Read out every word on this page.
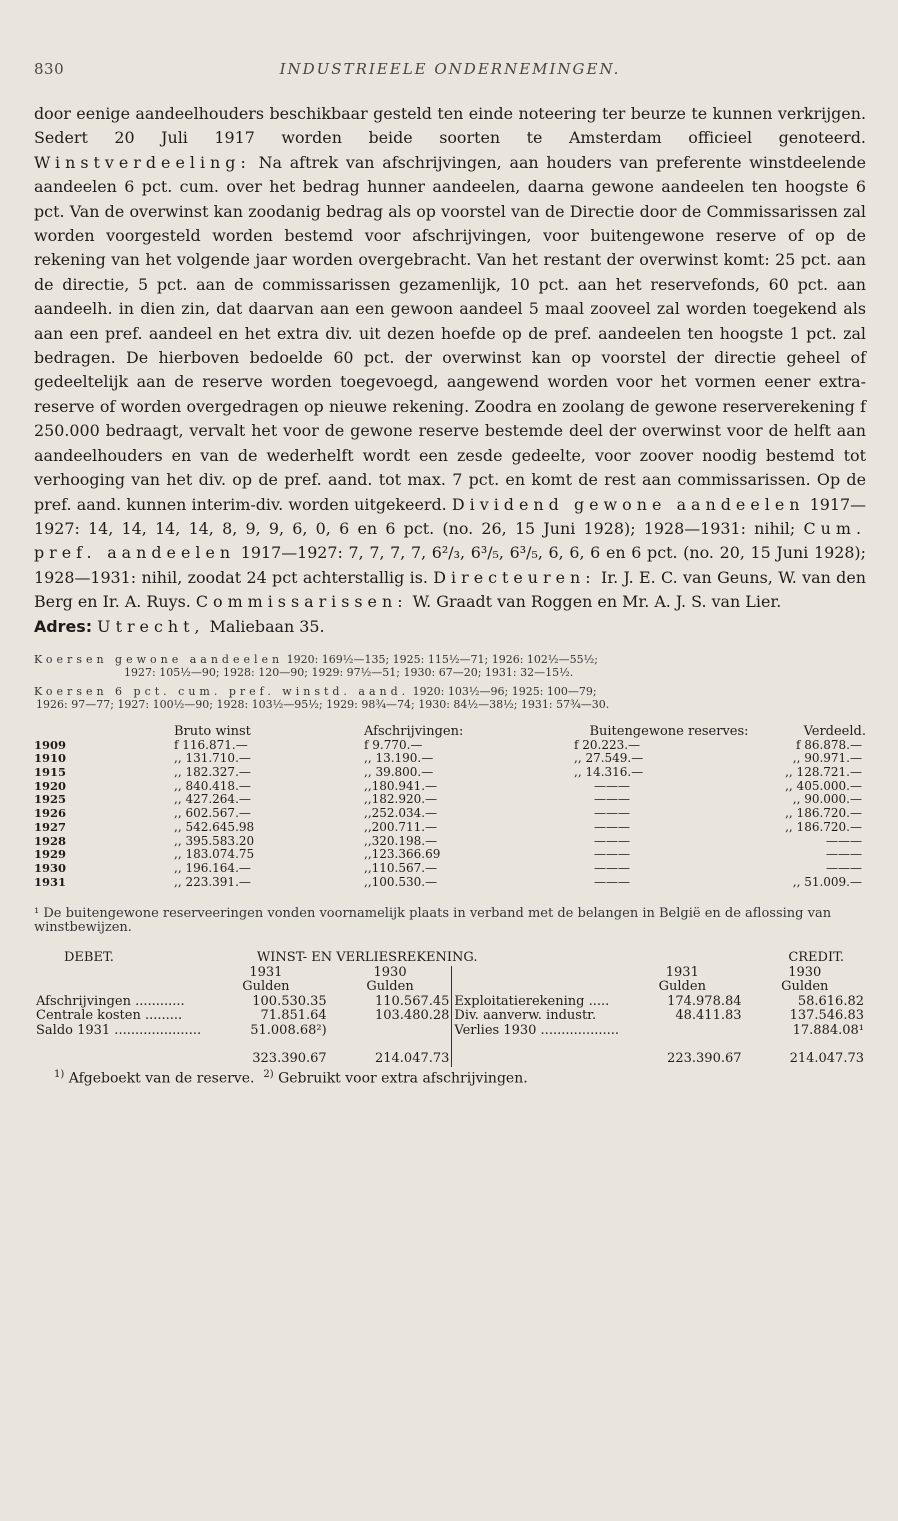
830	INDUSTRIEELE ONDERNEMINGEN.
door eenige aandeelhouders beschikbaar gesteld ten einde noteering ter beurze te kunnen verkrijgen. Sedert 20 Juli 1917 worden beide soorten te Amsterdam officieel genoteerd. Winstverdeeling: Na aftrek van afschrijvingen, aan houders van preferente winstdeelende aandeelen 6 pct. cum. over het bedrag hunner aandeelen, daarna gewone aandeelen ten hoogste 6 pct. Van de overwinst kan zoodanig bedrag als op voorstel van de Directie door de Commissarissen zal worden voorgesteld worden bestemd voor afschrijvingen, voor buitengewone reserve of op de rekening van het volgende jaar worden overgebracht. Van het restant der overwinst komt: 25 pct. aan de directie, 5 pct. aan de commissarissen gezamenlijk, 10 pct. aan het reservefonds, 60 pct. aan aandeelh. in dien zin, dat daarvan aan een gewoon aandeel 5 maal zooveel zal worden toegekend als aan een pref. aandeel en het extra div. uit dezen hoefde op de pref. aandeelen ten hoogste 1 pct. zal bedragen. De hierboven bedoelde 60 pct. der overwinst kan op voorstel der directie geheel of gedeeltelijk aan de reserve worden toegevoegd, aangewend worden voor het vormen eener extra-reserve of worden overgedragen op nieuwe rekening. Zoodra en zoolang de gewone reserverekening f 250.000 bedraagt, vervalt het voor de gewone reserve bestemde deel der overwinst voor de helft aan aandeelhouders en van de wederhelft wordt een zesde gedeelte, voor zoover noodig bestemd tot verhooging van het div. op de pref. aand. tot max. 7 pct. en komt de rest aan commissarissen. Op de pref. aand. kunnen interim-div. worden uitgekeerd. Dividend gewone aandeelen 1917—1927: 14, 14, 14, 14, 8, 9, 9, 6, 0, 6 en 6 pct. (no. 26, 15 Juni 1928); 1928—1931: nihil; Cum. pref. aandeelen 1917—1927: 7, 7, 7, 7, 6²/₃, 6³/₅, 6³/₅, 6, 6, 6 en 6 pct. (no. 20, 15 Juni 1928); 1928—1931: nihil, zoodat 24 pct achterstallig is. Directeuren: Ir. J. E. C. van Geuns, W. van den Berg en Ir. A. Ruys. Commissarissen: W. Graadt van Roggen en Mr. A. J. S. van Lier.
Adres: Utrecht, Maliebaan 35.
Koersen gewone aandeelen 1920: 169½—135; 1925: 115½—71; 1926: 102½—55½;
1927: 105½—90; 1928: 120—90; 1929: 97½—51; 1930: 67—20; 1931: 32—15½.
Koersen 6 pct. cum. pref. winstd. aand. 1920: 103½—96; 1925: 100—79;
1926: 97—77; 1927: 100½—90; 1928: 103½—95½; 1929: 98¾—74; 1930: 84½—38½; 1931: 57¾—30.
	Bruto winst	Afschrijvingen:	Buitengewone reserves:	Verdeeld.
1909	f 116.871.—	f 9.770.—	f 20.223.—	f 86.878.—
1910	,, 131.710.—	,, 13.190.—	,, 27.549.—	,, 90.971.—
1915	,, 182.327.—	,, 39.800.—	,, 14.316.—	,, 128.721.—
1920	,, 840.418.—	,,180.941.—	———	,, 405.000.—
1925	,, 427.264.—	,,182.920.—	———	,, 90.000.—
1926	,, 602.567.—	,,252.034.—	———	,, 186.720.—
1927	,, 542.645.98	,,200.711.—	———	,, 186.720.—
1928	,, 395.583.20	,,320.198.—	———	———
1929	,, 183.074.75	,,123.366.69	———	———
1930	,, 196.164.—	,,110.567.—	———	———
1931	,, 223.391.—	,,100.530.—	———	,, 51.009.—
¹ De buitengewone reserveeringen vonden voornamelijk plaats in verband met de belangen in België en de aflossing van winstbewijzen.
DEBET.			WINST- EN VERLIESREKENING. CREDIT.		

	1931	1930		1931	1930
	Gulden	Gulden		Gulden	Gulden
Afschrijvingen ............	100.530.35	110.567.45	Exploitatierekening .....	174.978.84	58.616.82
Centrale kosten .........	71.851.64	103.480.28	Div. aanverw. industr.	48.411.83	137.546.83
Saldo 1931 .....................	51.008.68²)		Verlies 1930 ...................		17.884.08¹
	323.390.67	214.047.73		223.390.67	214.047.73
$^{1)}$ Afgeboekt van de reserve. $^{2)}$ Gebruikt voor extra afschrijvingen.
